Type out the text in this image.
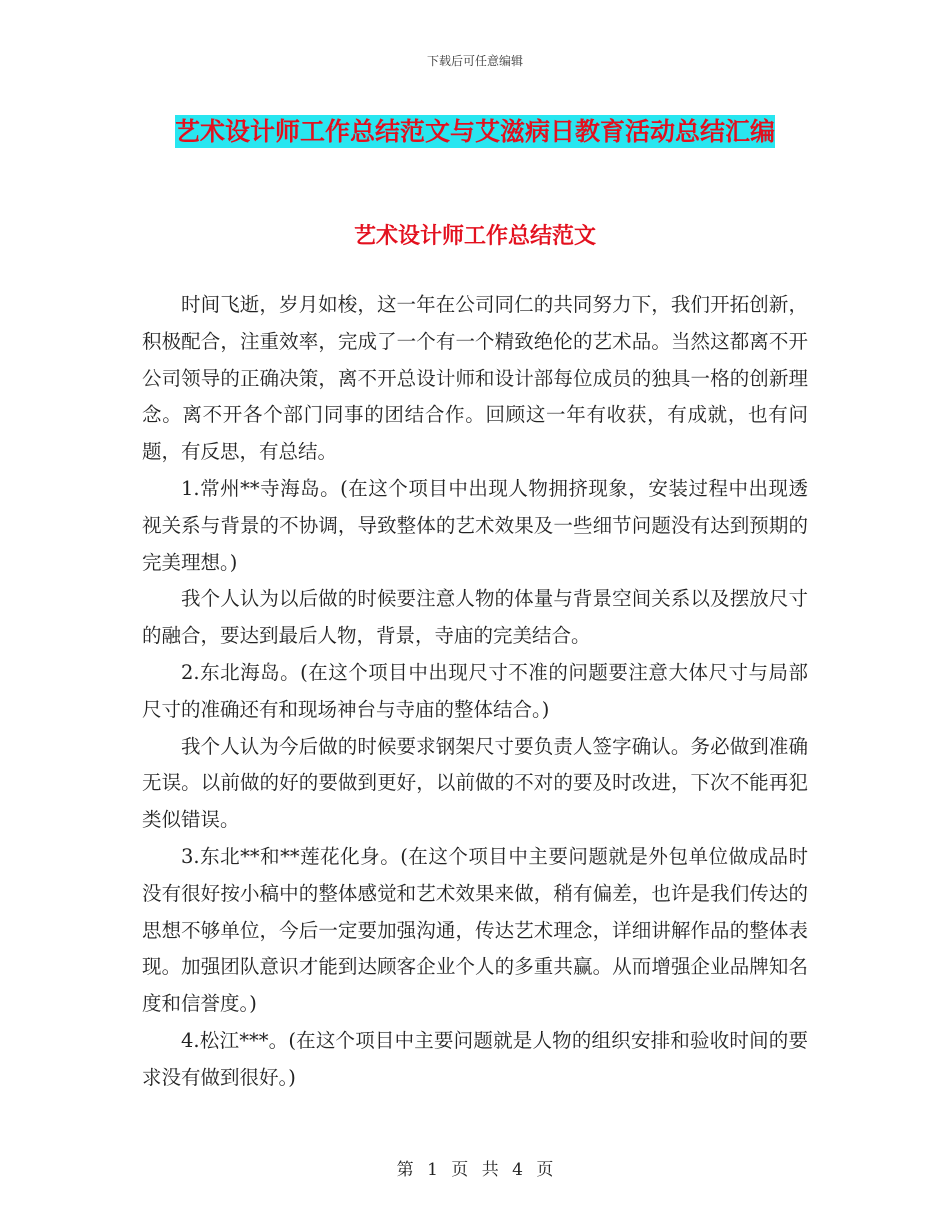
下载后可任意编辑
艺术设计师工作总结范文与艾滋病日教育活动总结汇编
艺术设计师工作总结范文

时间飞逝，岁月如梭，这一年在公司同仁的共同努力下，我们开拓创新，积极配合，注重效率，完成了一个有一个精致绝伦的艺术品。当然这都离不开公司领导的正确决策，离不开总设计师和设计部每位成员的独具一格的创新理念。离不开各个部门同事的团结合作。回顾这一年有收获，有成就，也有问题，有反思，有总结。

1.常州**寺海岛。(在这个项目中出现人物拥挤现象，安装过程中出现透视关系与背景的不协调，导致整体的艺术效果及一些细节问题没有达到预期的完美理想。)

我个人认为以后做的时候要注意人物的体量与背景空间关系以及摆放尺寸的融合，要达到最后人物，背景，寺庙的完美结合。

2.东北海岛。(在这个项目中出现尺寸不准的问题要注意大体尺寸与局部尺寸的准确还有和现场神台与寺庙的整体结合。)

我个人认为今后做的时候要求钢架尺寸要负责人签字确认。务必做到准确无误。以前做的好的要做到更好，以前做的不对的要及时改进，下次不能再犯类似错误。

3.东北**和**莲花化身。(在这个项目中主要问题就是外包单位做成品时没有很好按小稿中的整体感觉和艺术效果来做，稍有偏差，也许是我们传达的思想不够单位，今后一定要加强沟通，传达艺术理念，详细讲解作品的整体表现。加强团队意识才能到达顾客企业个人的多重共赢。从而增强企业品牌知名度和信誉度。)

4.松江***。(在这个项目中主要问题就是人物的组织安排和验收时间的要求没有做到很好。)

第 1 页 共 4 页
